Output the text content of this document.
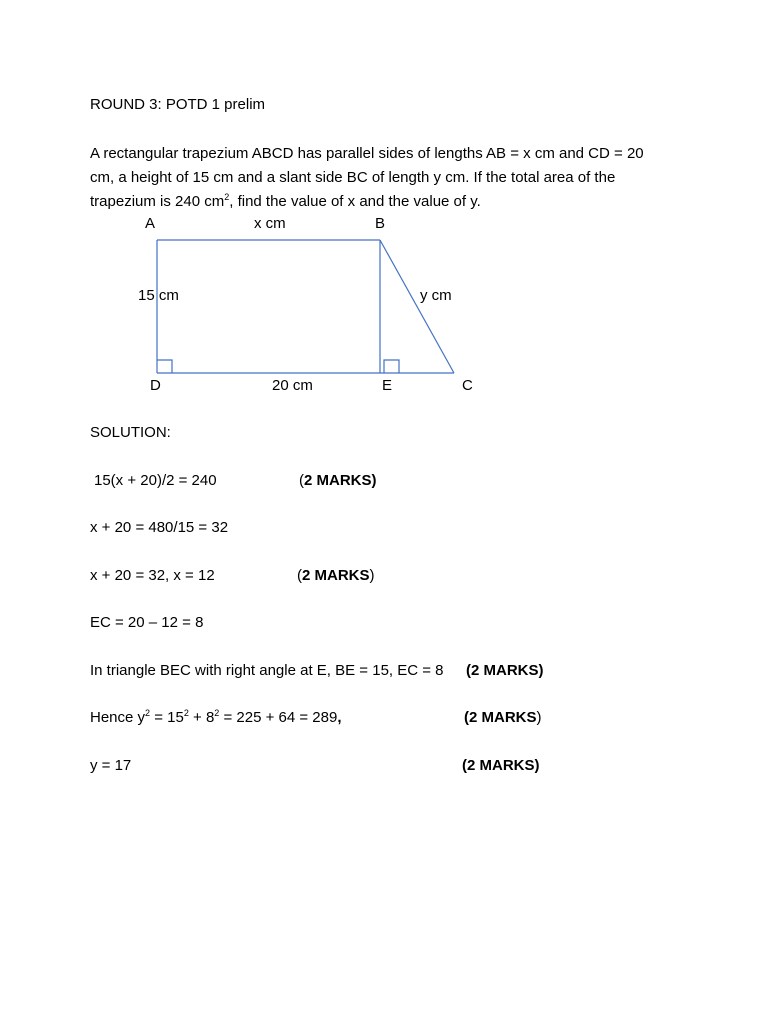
ROUND 3: POTD 1 prelim
A rectangular trapezium ABCD has parallel sides of lengths AB = x cm and CD = 20
cm, a height of 15 cm and a slant side BC of length y cm. If the total area of the
trapezium is 240 $cm^2$, find the value of x and the value of y.
A	x cm	B
15 cm	y cm
D	20 cm	E	C
SOLUTION:
15(x + 20)/2 = 240	(2 MARKS)
x + 20 = 480/15 = 32
x + 20 = 32, x = 12	(2 MARKS)
EC = 20 – 12 = 8
In triangle BEC with right angle at E, BE = 15, EC = 8 (2 MARKS)
Hence $y^2 = 15^2 + 8^2 = 225 + 64 = 289$,	(2 MARKS)
y = 17	(2 MARKS)
